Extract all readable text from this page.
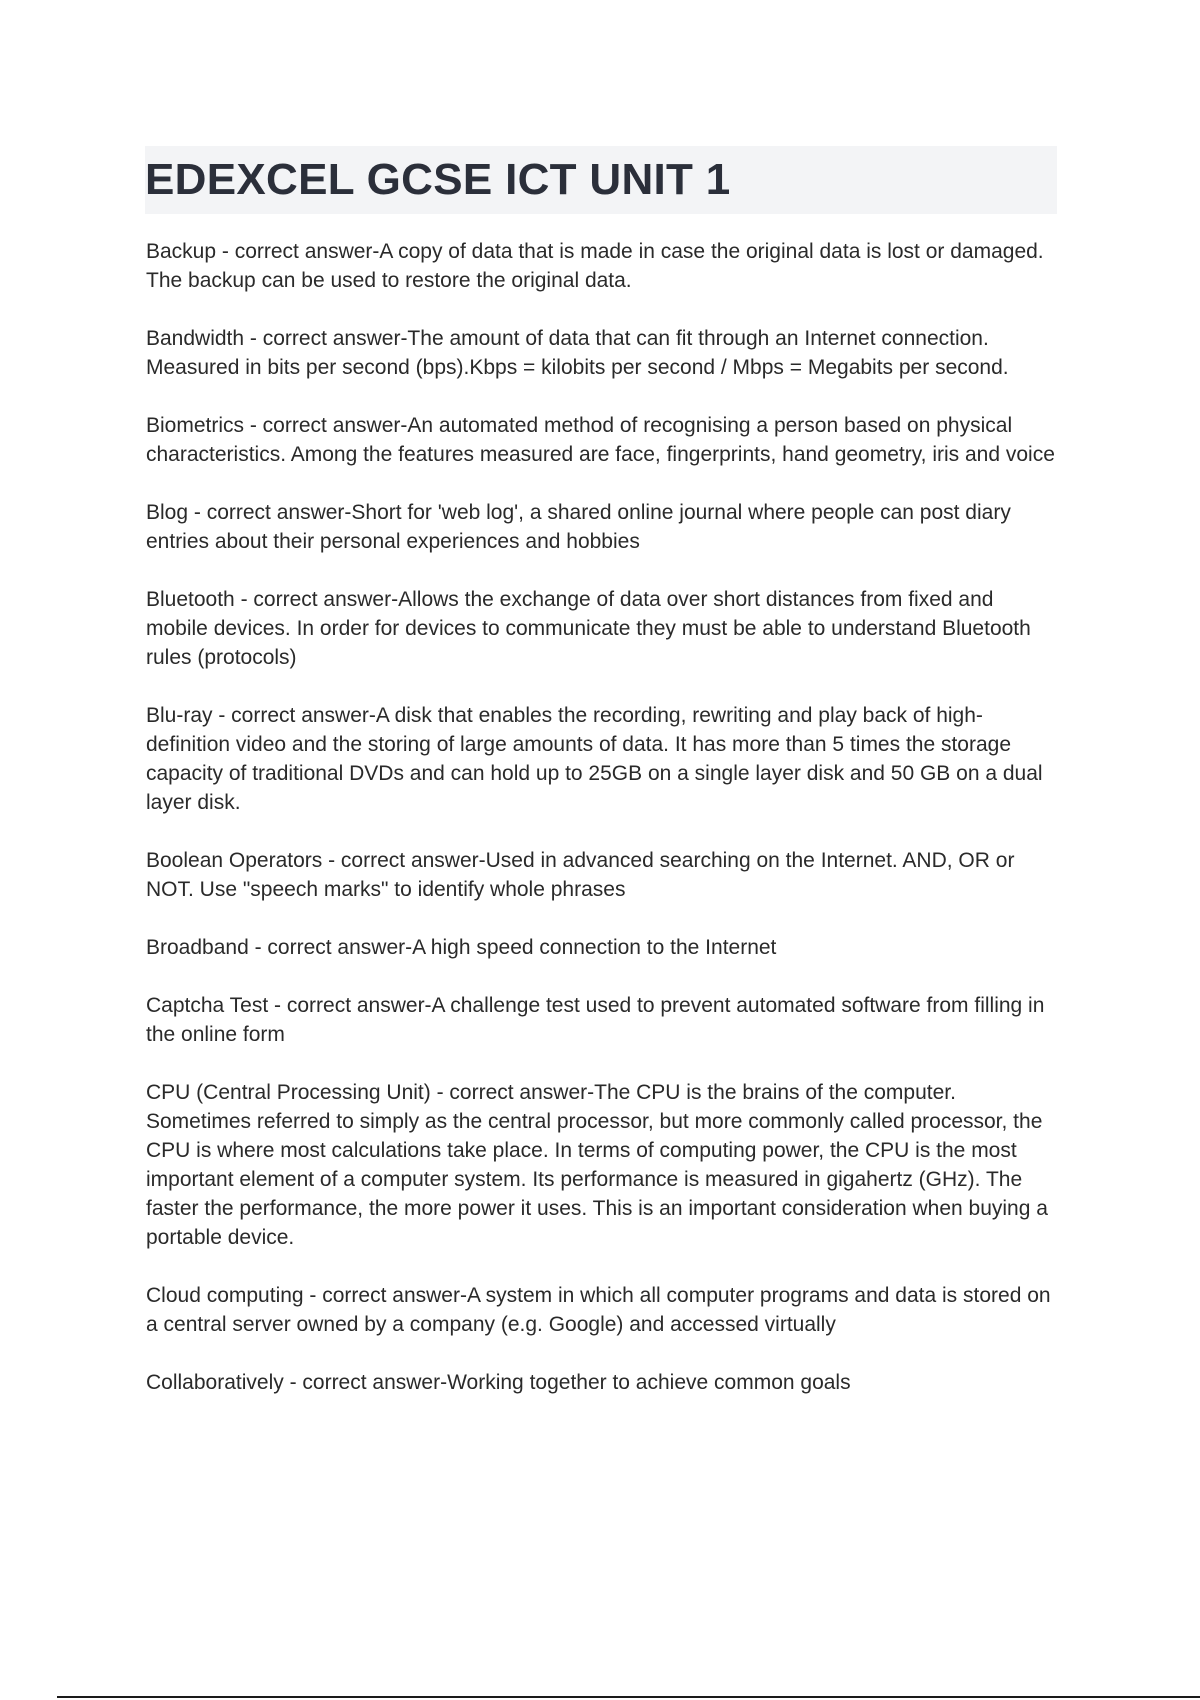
EDEXCEL GCSE ICT UNIT 1

Backup - correct answer-A copy of data that is made in case the original data is lost or damaged. The backup can be used to restore the original data.

Bandwidth - correct answer-The amount of data that can fit through an Internet connection. Measured in bits per second (bps).Kbps = kilobits per second / Mbps = Megabits per second.

Biometrics - correct answer-An automated method of recognising a person based on physical characteristics. Among the features measured are face, fingerprints, hand geometry, iris and voice

Blog - correct answer-Short for 'web log', a shared online journal where people can post diary entries about their personal experiences and hobbies

Bluetooth - correct answer-Allows the exchange of data over short distances from fixed and mobile devices. In order for devices to communicate they must be able to understand Bluetooth rules (protocols)

Blu-ray - correct answer-A disk that enables the recording, rewriting and play back of high-definition video and the storing of large amounts of data. It has more than 5 times the storage capacity of traditional DVDs and can hold up to 25GB on a single layer disk and 50 GB on a dual layer disk.

Boolean Operators - correct answer-Used in advanced searching on the Internet. AND, OR or NOT. Use "speech marks" to identify whole phrases

Broadband - correct answer-A high speed connection to the Internet

Captcha Test - correct answer-A challenge test used to prevent automated software from filling in the online form

CPU (Central Processing Unit) - correct answer-The CPU is the brains of the computer. Sometimes referred to simply as the central processor, but more commonly called processor, the CPU is where most calculations take place. In terms of computing power, the CPU is the most important element of a computer system. Its performance is measured in gigahertz (GHz). The faster the performance, the more power it uses. This is an important consideration when buying a portable device.

Cloud computing - correct answer-A system in which all computer programs and data is stored on a central server owned by a company (e.g. Google) and accessed virtually

Collaboratively - correct answer-Working together to achieve common goals
